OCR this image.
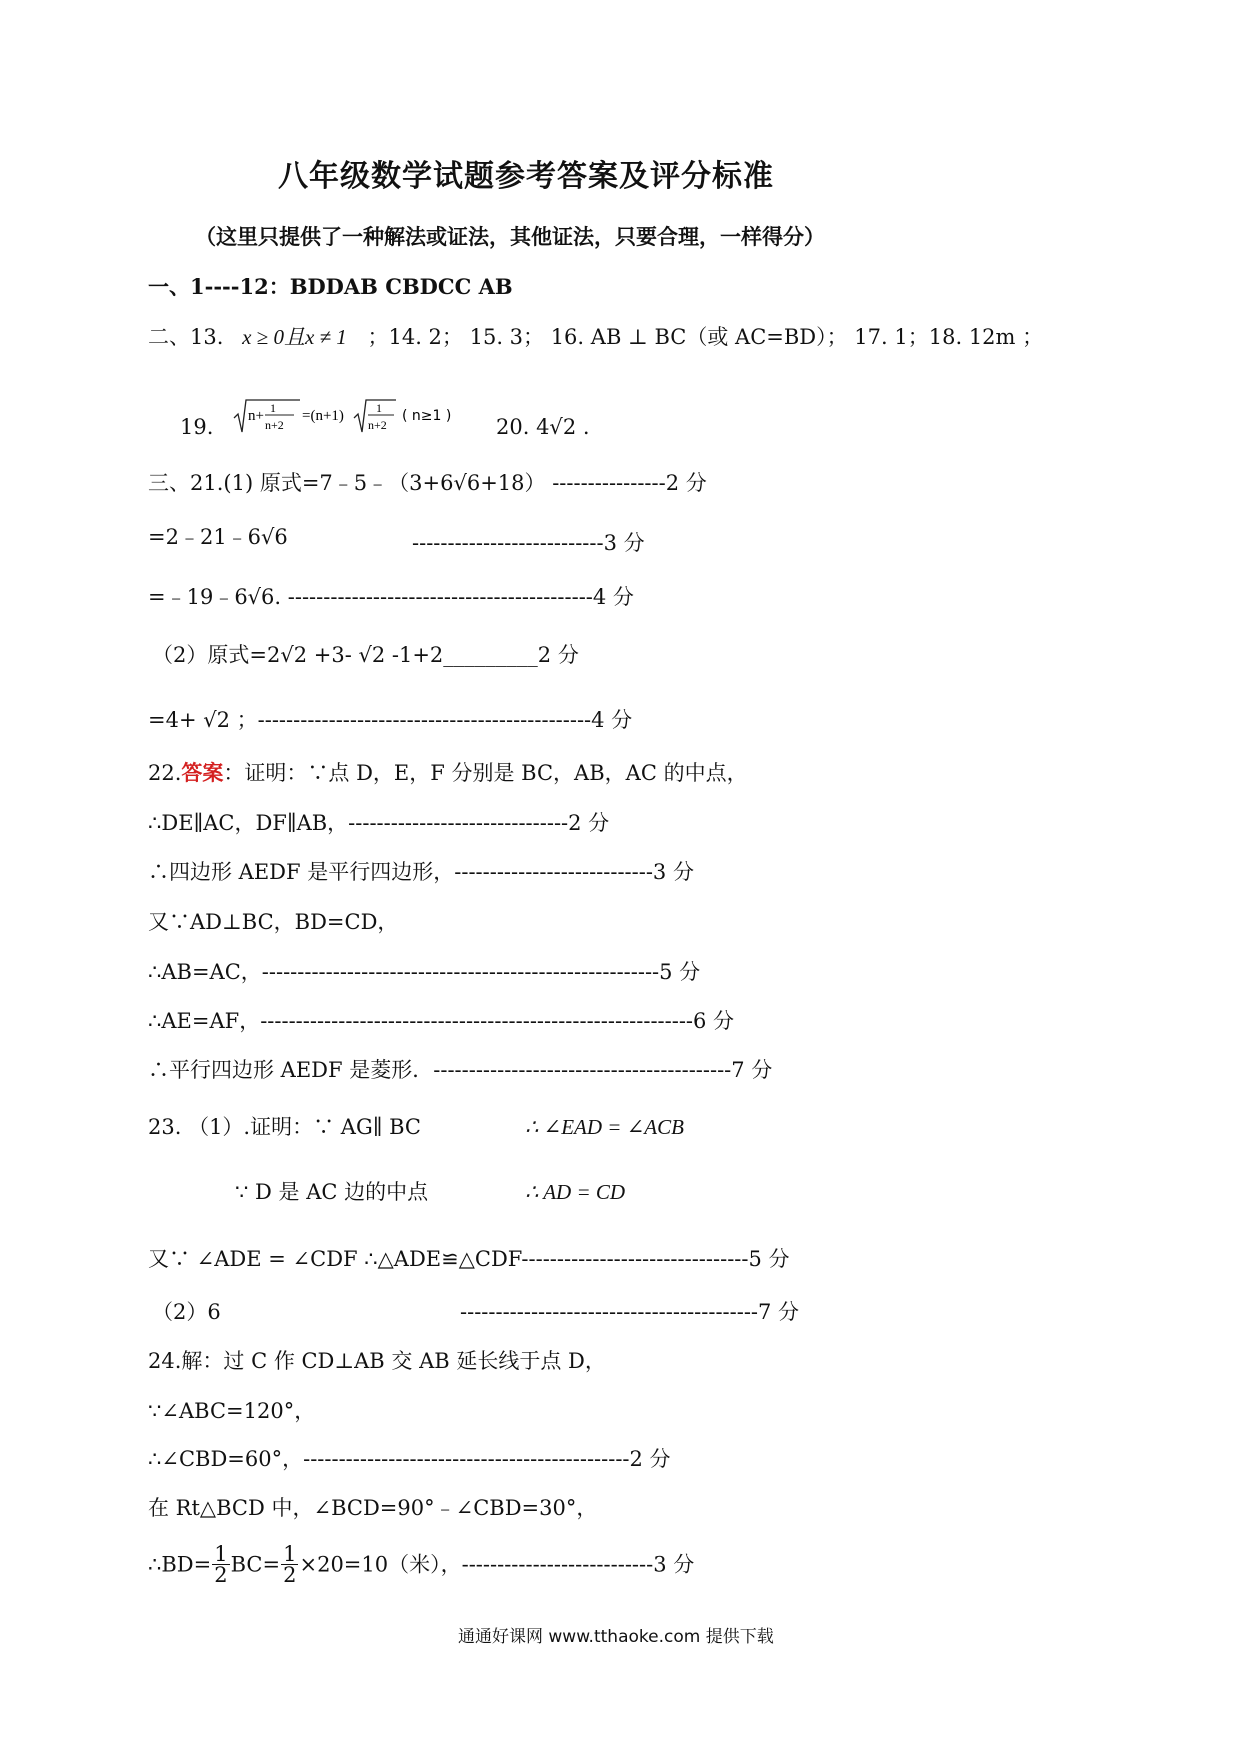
八年级数学试题参考答案及评分标准
（这里只提供了一种解法或证法，其他证法，只要合理，一样得分）
一、1----12：BDDAB CBDCC AB
二、13. x ≥ 0且x ≠ 1 ；14. 2； 15. 3； 16. AB ⊥ BC（或 AC=BD）； 17. 1；18. 12m ；
19. n+ 1
n+2
=(n+1)	1
n+2
( n≥1 ) 20. 4√2 .
三、21.(1) 原式=7﹣5﹣（3+6√6+18） ----------------2 分
=2﹣21﹣6√6	---------------------------3 分
=﹣19﹣6√6. -------------------------------------------4 分
（2）原式=2√2 +3- √2 -1+2_________2 分
=4+ √2 ；-----------------------------------------------4 分
22.答案：证明：∵点 D，E，F 分别是 BC，AB，AC 的中点，
∴DE∥AC，DF∥AB，-------------------------------2 分
∴四边形 AEDF 是平行四边形，----------------------------3 分
又∵AD⊥BC，BD=CD，
∴AB=AC，--------------------------------------------------------5 分
∴AE=AF，-------------------------------------------------------------6 分
∴平行四边形 AEDF 是菱形．------------------------------------------7 分
23. （1）.证明：∵ AG∥ BC	∴ ∠EAD = ∠ACB
∵ D 是 AC 边的中点	∴ AD = CD
又∵ ∠ADE = ∠CDF ∴△ADE≌△CDF--------------------------------5 分
（2）6	------------------------------------------7 分
24.解：过 C 作 CD⊥AB 交 AB 延长线于点 D，
∵∠ABC=120°，
∴∠CBD=60°，----------------------------------------------2 分
在 Rt△BCD 中，∠BCD=90°﹣∠CBD=30°，
∴BD= $\frac{1}{2} BC= \frac{1}{2} \times 20=10$（米），---------------------------3 分
通通好课网 www.tthaoke.com 提供下载
